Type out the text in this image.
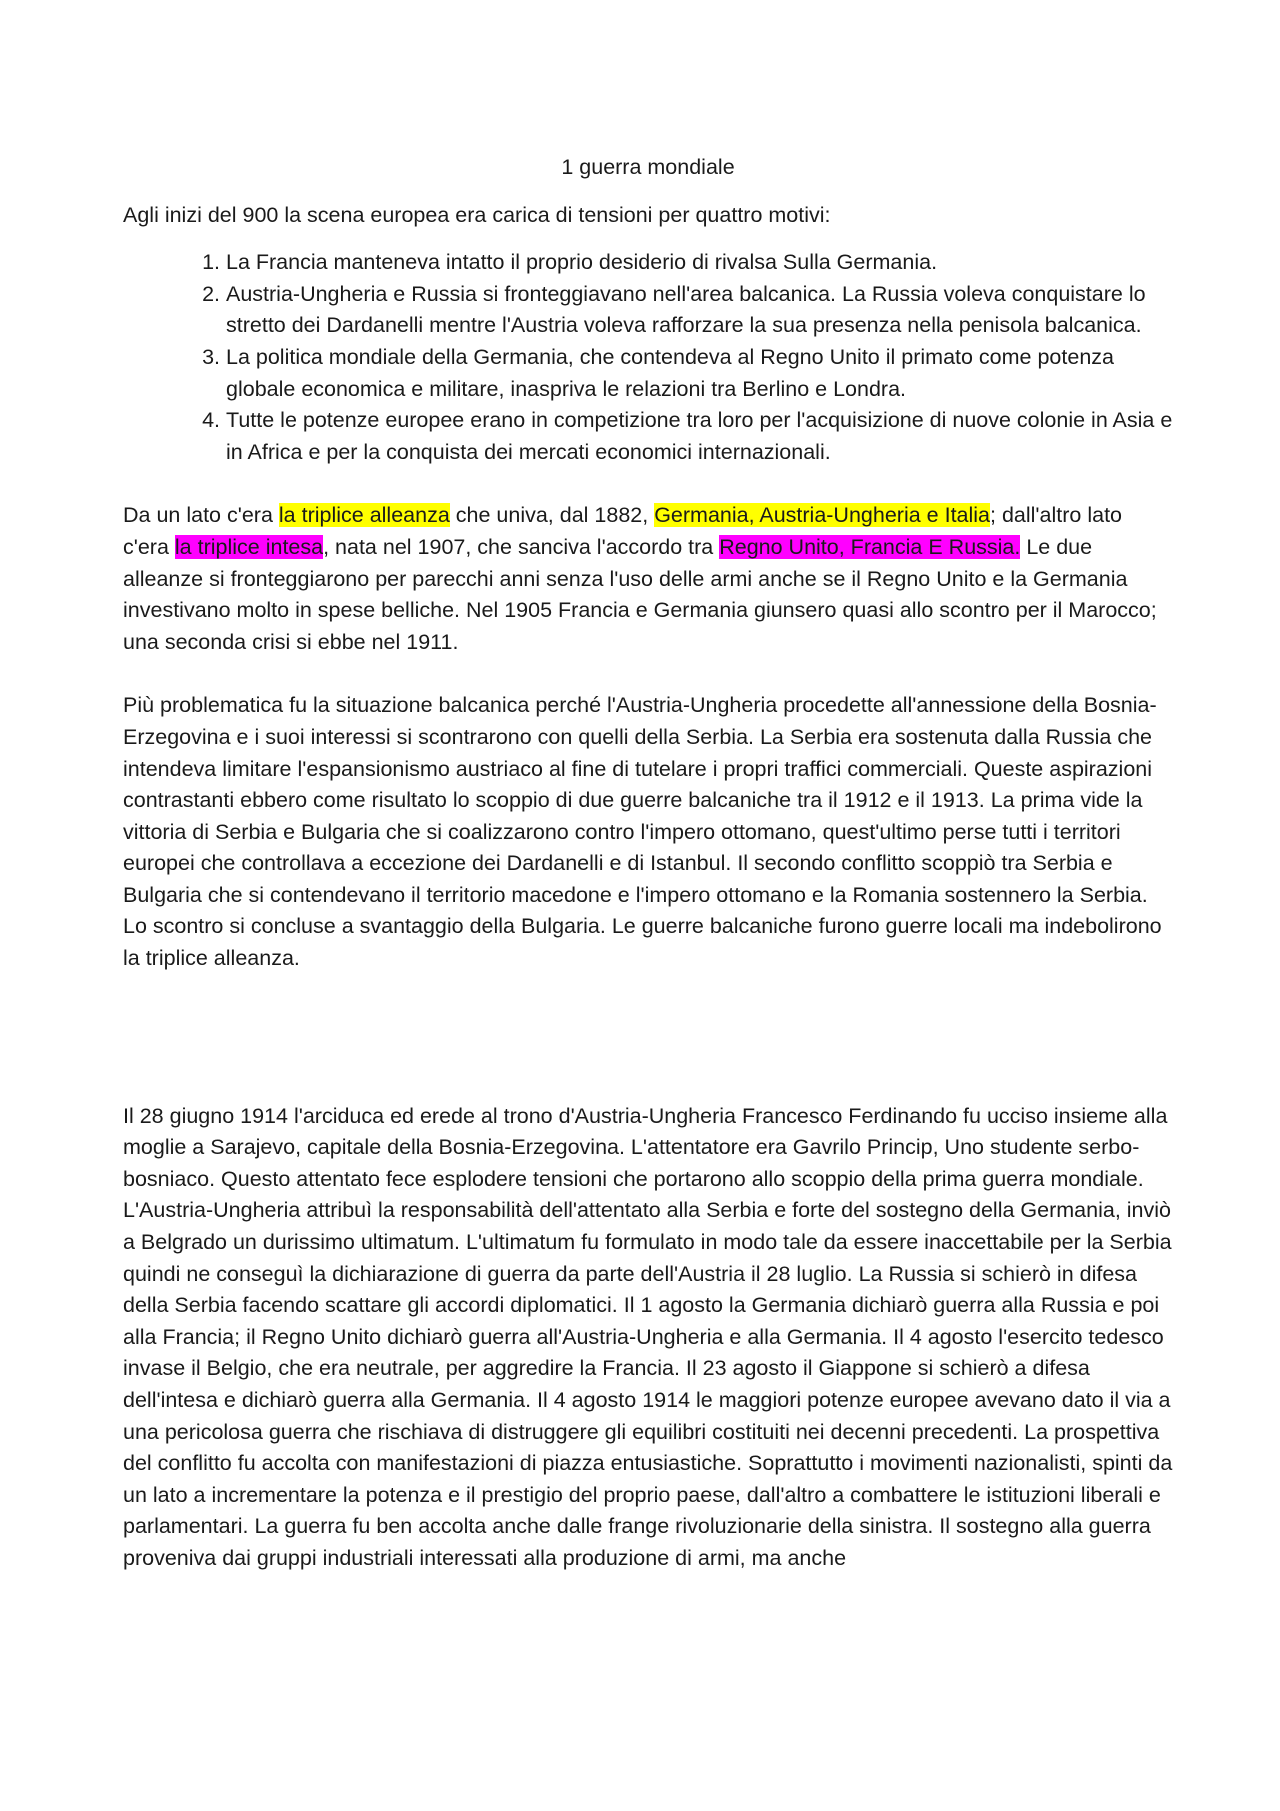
1 guerra mondiale

Agli inizi del 900 la scena europea era carica di tensioni per quattro motivi:

1. La Francia manteneva intatto il proprio desiderio di rivalsa Sulla Germania.
2. Austria-Ungheria e Russia si fronteggiavano nell'area balcanica. La Russia voleva conquistare lo stretto dei Dardanelli mentre l'Austria voleva rafforzare la sua presenza nella penisola balcanica.
3. La politica mondiale della Germania, che contendeva al Regno Unito il primato come potenza globale economica e militare, inaspriva le relazioni tra Berlino e Londra.
4. Tutte le potenze europee erano in competizione tra loro per l'acquisizione di nuove colonie in Asia e in Africa e per la conquista dei mercati economici internazionali.

Da un lato c'era la triplice alleanza che univa, dal 1882, Germania, Austria-Ungheria e Italia; dall'altro lato c'era la triplice intesa, nata nel 1907, che sanciva l'accordo tra Regno Unito, Francia E Russia. Le due alleanze si fronteggiarono per parecchi anni senza l'uso delle armi anche se il Regno Unito e la Germania investivano molto in spese belliche. Nel 1905 Francia e Germania giunsero quasi allo scontro per il Marocco; una seconda crisi si ebbe nel 1911.

Più problematica fu la situazione balcanica perché l'Austria-Ungheria procedette all'annessione della Bosnia-Erzegovina e i suoi interessi si scontrarono con quelli della Serbia. La Serbia era sostenuta dalla Russia che intendeva limitare l'espansionismo austriaco al fine di tutelare i propri traffici commerciali. Queste aspirazioni contrastanti ebbero come risultato lo scoppio di due guerre balcaniche tra il 1912 e il 1913. La prima vide la vittoria di Serbia e Bulgaria che si coalizzarono contro l'impero ottomano, quest'ultimo perse tutti i territori europei che controllava a eccezione dei Dardanelli e di Istanbul. Il secondo conflitto scoppiò tra Serbia e Bulgaria che si contendevano il territorio macedone e l'impero ottomano e la Romania sostennero la Serbia. Lo scontro si concluse a svantaggio della Bulgaria. Le guerre balcaniche furono guerre locali ma indebolirono la triplice alleanza.

Il 28 giugno 1914 l'arciduca ed erede al trono d'Austria-Ungheria Francesco Ferdinando fu ucciso insieme alla moglie a Sarajevo, capitale della Bosnia-Erzegovina. L'attentatore era Gavrilo Princip, Uno studente serbo-bosniaco. Questo attentato fece esplodere tensioni che portarono allo scoppio della prima guerra mondiale. L'Austria-Ungheria attribuì la responsabilità dell'attentato alla Serbia e forte del sostegno della Germania, inviò a Belgrado un durissimo ultimatum. L'ultimatum fu formulato in modo tale da essere inaccettabile per la Serbia quindi ne conseguì la dichiarazione di guerra da parte dell'Austria il 28 luglio. La Russia si schierò in difesa della Serbia facendo scattare gli accordi diplomatici. Il 1 agosto la Germania dichiarò guerra alla Russia e poi alla Francia; il Regno Unito dichiarò guerra all'Austria-Ungheria e alla Germania. Il 4 agosto l'esercito tedesco invase il Belgio, che era neutrale, per aggredire la Francia. Il 23 agosto il Giappone si schierò a difesa dell'intesa e dichiarò guerra alla Germania. Il 4 agosto 1914 le maggiori potenze europee avevano dato il via a una pericolosa guerra che rischiava di distruggere gli equilibri costituiti nei decenni precedenti. La prospettiva del conflitto fu accolta con manifestazioni di piazza entusiastiche. Soprattutto i movimenti nazionalisti, spinti da un lato a incrementare la potenza e il prestigio del proprio paese, dall'altro a combattere le istituzioni liberali e parlamentari. La guerra fu ben accolta anche dalle frange rivoluzionarie della sinistra. Il sostegno alla guerra proveniva dai gruppi industriali interessati alla produzione di armi, ma anche
